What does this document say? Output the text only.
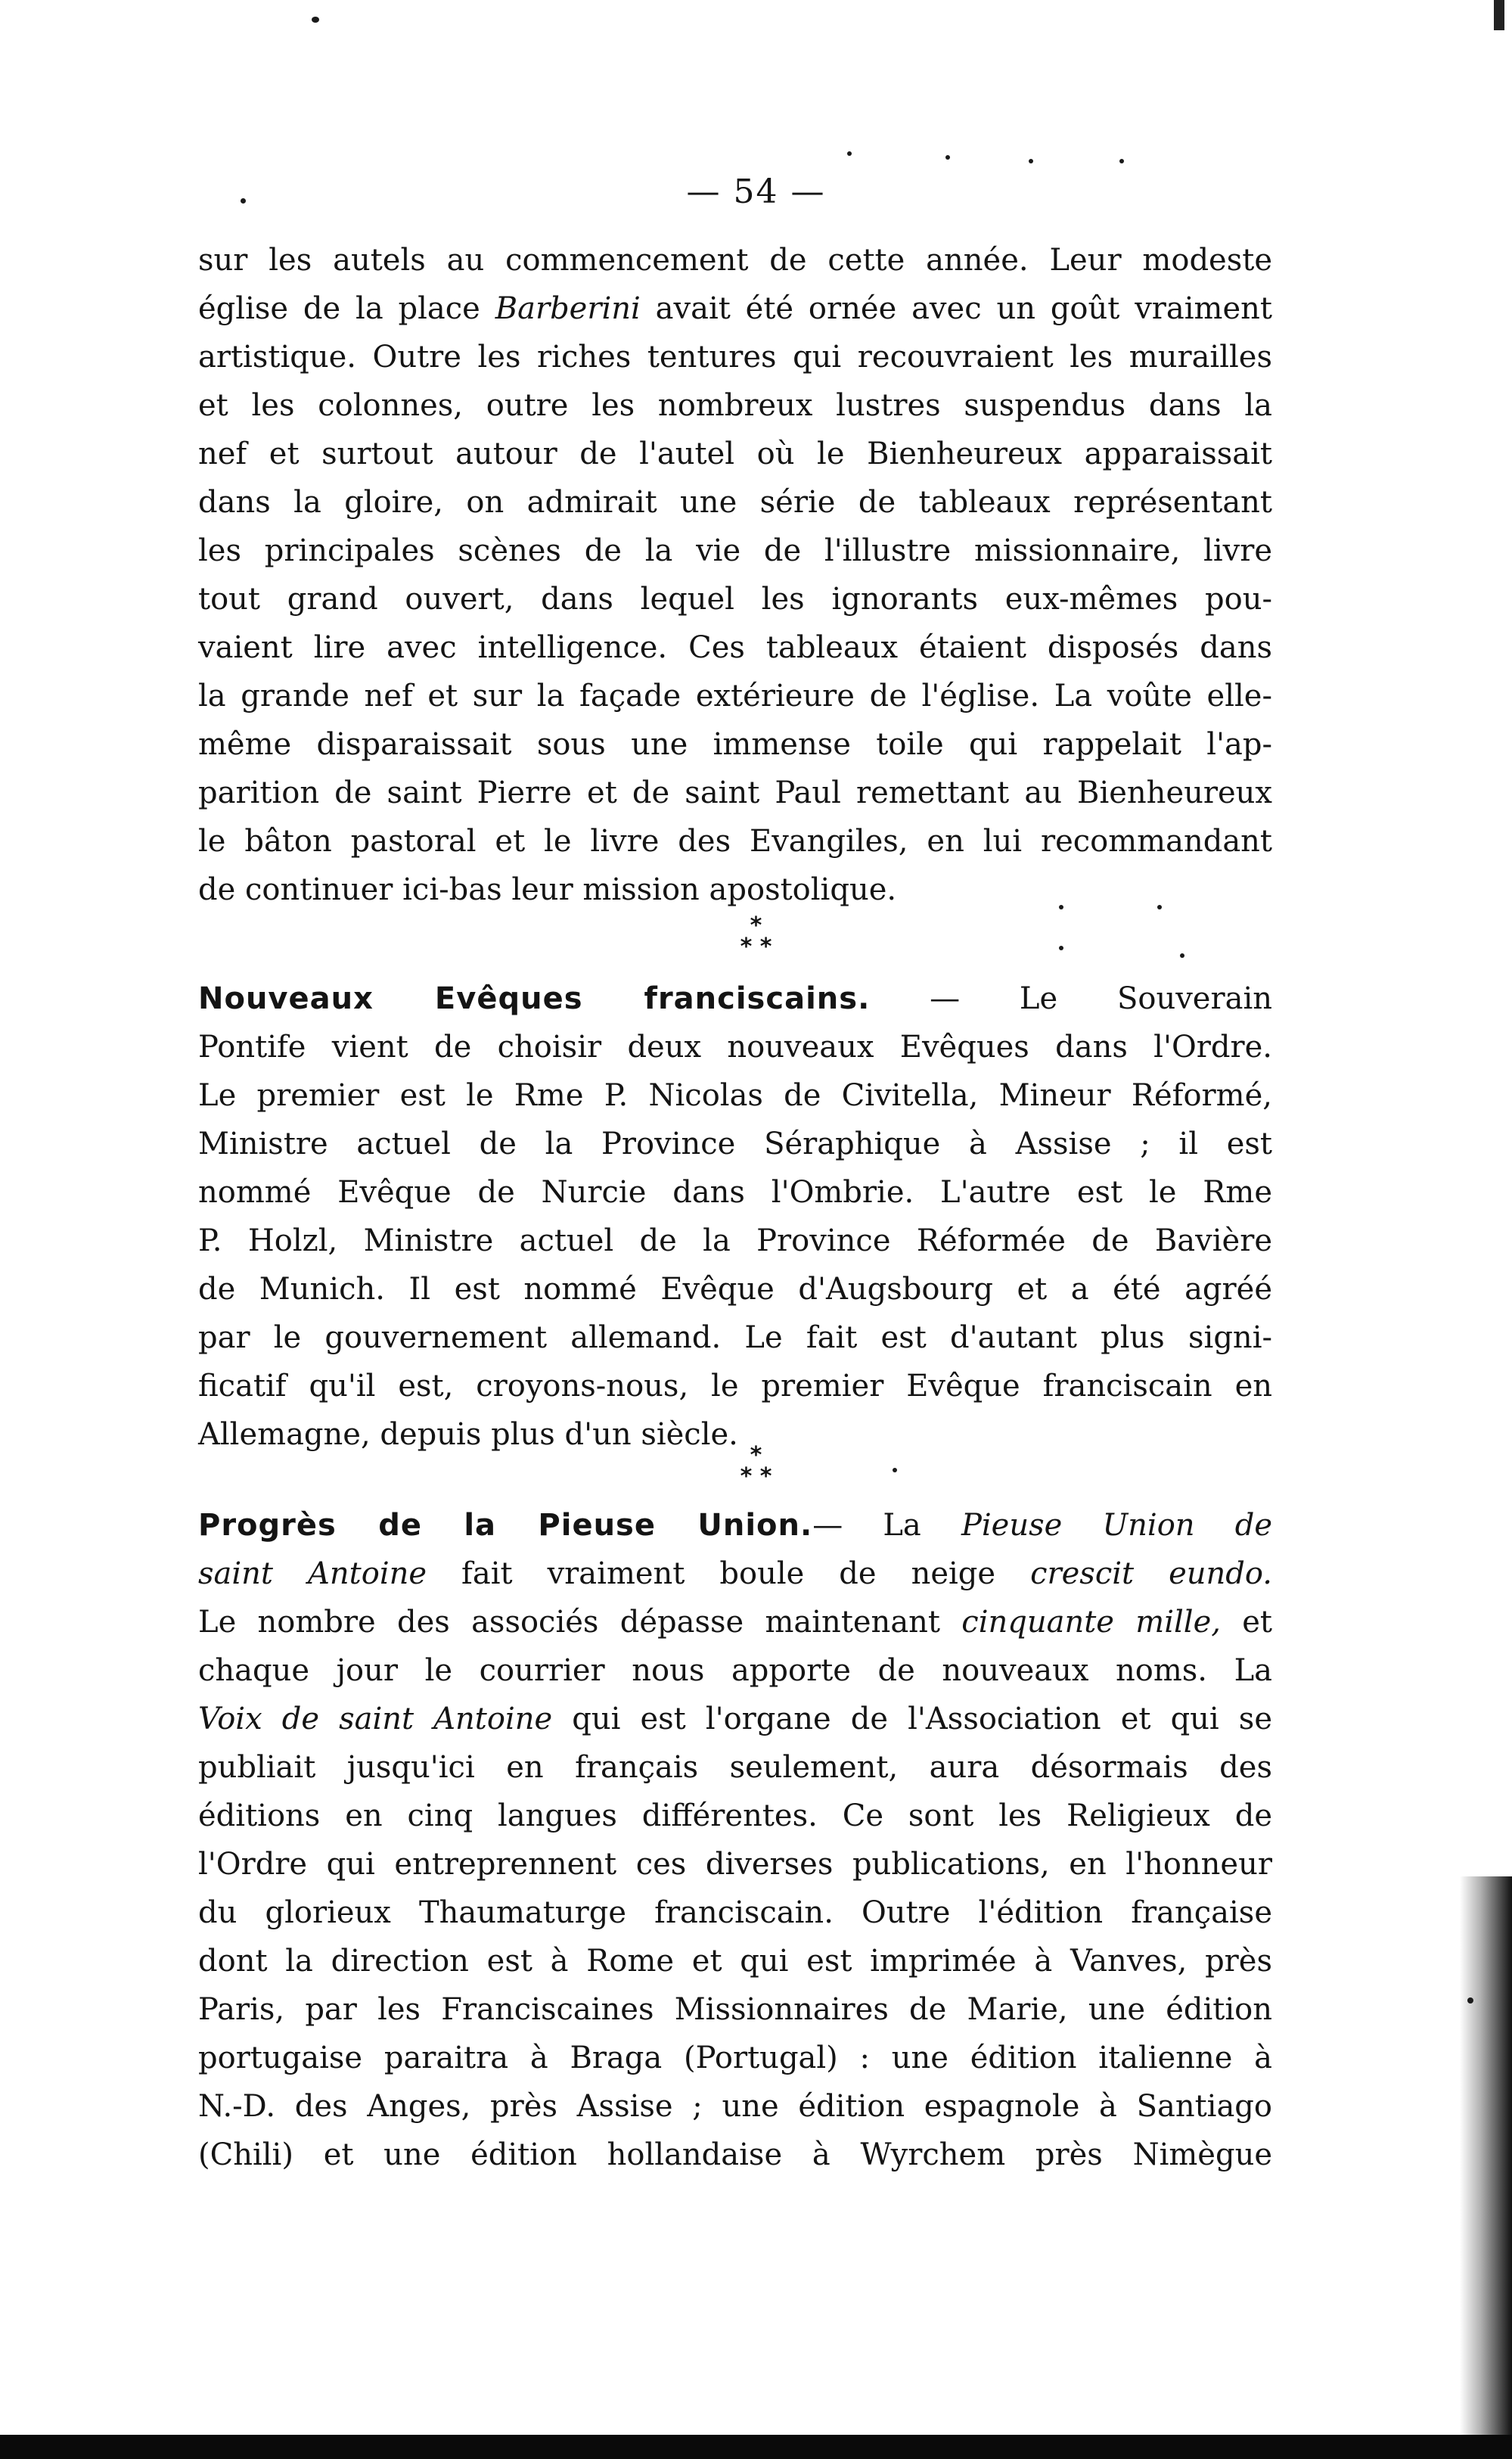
— 54 —
sur les autels au commencement de cette année. Leur modeste
église de la place Barberini avait été ornée avec un goût vraiment
artistique. Outre les riches tentures qui recouvraient les murailles
et les colonnes, outre les nombreux lustres suspendus dans la
nef et surtout autour de l'autel où le Bienheureux apparaissait
dans la gloire, on admirait une série de tableaux représentant
les principales scènes de la vie de l'illustre missionnaire, livre
tout grand ouvert, dans lequel les ignorants eux-mêmes pou-
vaient lire avec intelligence. Ces tableaux étaient disposés dans
la grande nef et sur la façade extérieure de l'église. La voûte elle-
même disparaissait sous une immense toile qui rappelait l'ap-
parition de saint Pierre et de saint Paul remettant au Bienheureux
le bâton pastoral et le livre des Evangiles, en lui recommandant
de continuer ici-bas leur mission apostolique.
*
* *
Nouveaux Evêques franciscains. — Le Souverain
Pontife vient de choisir deux nouveaux Evêques dans l'Ordre.
Le premier est le Rme P. Nicolas de Civitella, Mineur Réformé,
Ministre actuel de la Province Séraphique à Assise ; il est
nommé Evêque de Nurcie dans l'Ombrie. L'autre est le Rme
P. Holzl, Ministre actuel de la Province Réformée de Bavière
de Munich. Il est nommé Evêque d'Augsbourg et a été agréé
par le gouvernement allemand. Le fait est d'autant plus signi-
ficatif qu'il est, croyons-nous, le premier Evêque franciscain en
Allemagne, depuis plus d'un siècle.
*
* *
Progrès de la Pieuse Union.— La Pieuse Union de
saint Antoine fait vraiment boule de neige crescit eundo.
Le nombre des associés dépasse maintenant cinquante mille, et
chaque jour le courrier nous apporte de nouveaux noms. La
Voix de saint Antoine qui est l'organe de l'Association et qui se
publiait jusqu'ici en français seulement, aura désormais des
éditions en cinq langues différentes. Ce sont les Religieux de
l'Ordre qui entreprennent ces diverses publications, en l'honneur
du glorieux Thaumaturge franciscain. Outre l'édition française
dont la direction est à Rome et qui est imprimée à Vanves, près
Paris, par les Franciscaines Missionnaires de Marie, une édition
portugaise paraitra à Braga (Portugal) : une édition italienne à
N.-D. des Anges, près Assise ; une édition espagnole à Santiago
(Chili) et une édition hollandaise à Wyrchem près Nimègue
